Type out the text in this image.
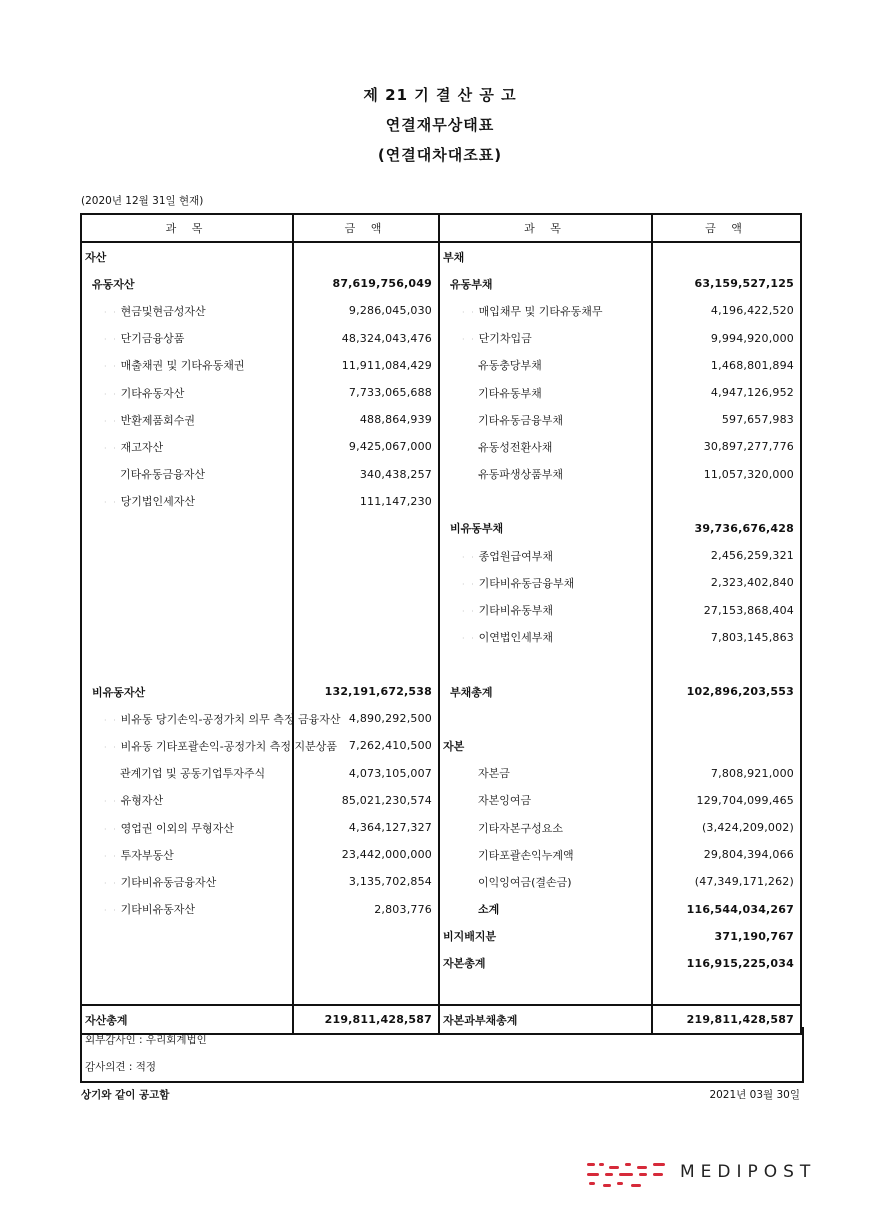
제 21 기 결 산 공 고
연결재무상태표
(연결대차대조표)
(2020년 12월 31일 현재)
과 목	금 액	과 목	금 액
자산		부채	
유동자산	87,619,756,049	유동부채	63,159,527,125
· · 현금및현금성자산	9,286,045,030	· · 매입채무 및 기타유동채무	4,196,422,520
· · 단기금융상품	48,324,043,476	· · 단기차입금	9,994,920,000
· · 매출채권 및 기타유동채권	11,911,084,429	유동충당부채	1,468,801,894
· · 기타유동자산	7,733,065,688	기타유동부채	4,947,126,952
· · 반환제품회수권	488,864,939	기타유동금융부채	597,657,983
· · 재고자산	9,425,067,000	유동성전환사채	30,897,277,776
기타유동금융자산	340,438,257	유동파생상품부채	11,057,320,000
· · 당기법인세자산	111,147,230		
		비유동부채	39,736,676,428
		· · 종업원급여부채	2,456,259,321
		· · 기타비유동금융부채	2,323,402,840
		· · 기타비유동부채	27,153,868,404
		· · 이연법인세부채	7,803,145,863

비유동자산	132,191,672,538	부채총계	102,896,203,553
· · 비유동 당기손익-공정가치 의무 측정 금융자산	4,890,292,500		
· · 비유동 기타포괄손익-공정가치 측정 지분상품	7,262,410,500	자본	
관계기업 및 공동기업투자주식	4,073,105,007	자본금	7,808,921,000
· · 유형자산	85,021,230,574	자본잉여금	129,704,099,465
· · 영업권 이외의 무형자산	4,364,127,327	기타자본구성요소	(3,424,209,002)
· · 투자부동산	23,442,000,000	기타포괄손익누계액	29,804,394,066
· · 기타비유동금융자산	3,135,702,854	이익잉여금(결손금)	(47,349,171,262)
· · 기타비유동자산	2,803,776	소계	116,544,034,267
		비지배지분	371,190,767
		자본총계	116,915,225,034

자산총계	219,811,428,587	자본과부채총계	219,811,428,587
외부감사인 : 우리회계법인
감사의견 : 적정
상기와 같이 공고함	2021년 03월 30일
MEDIPOST
